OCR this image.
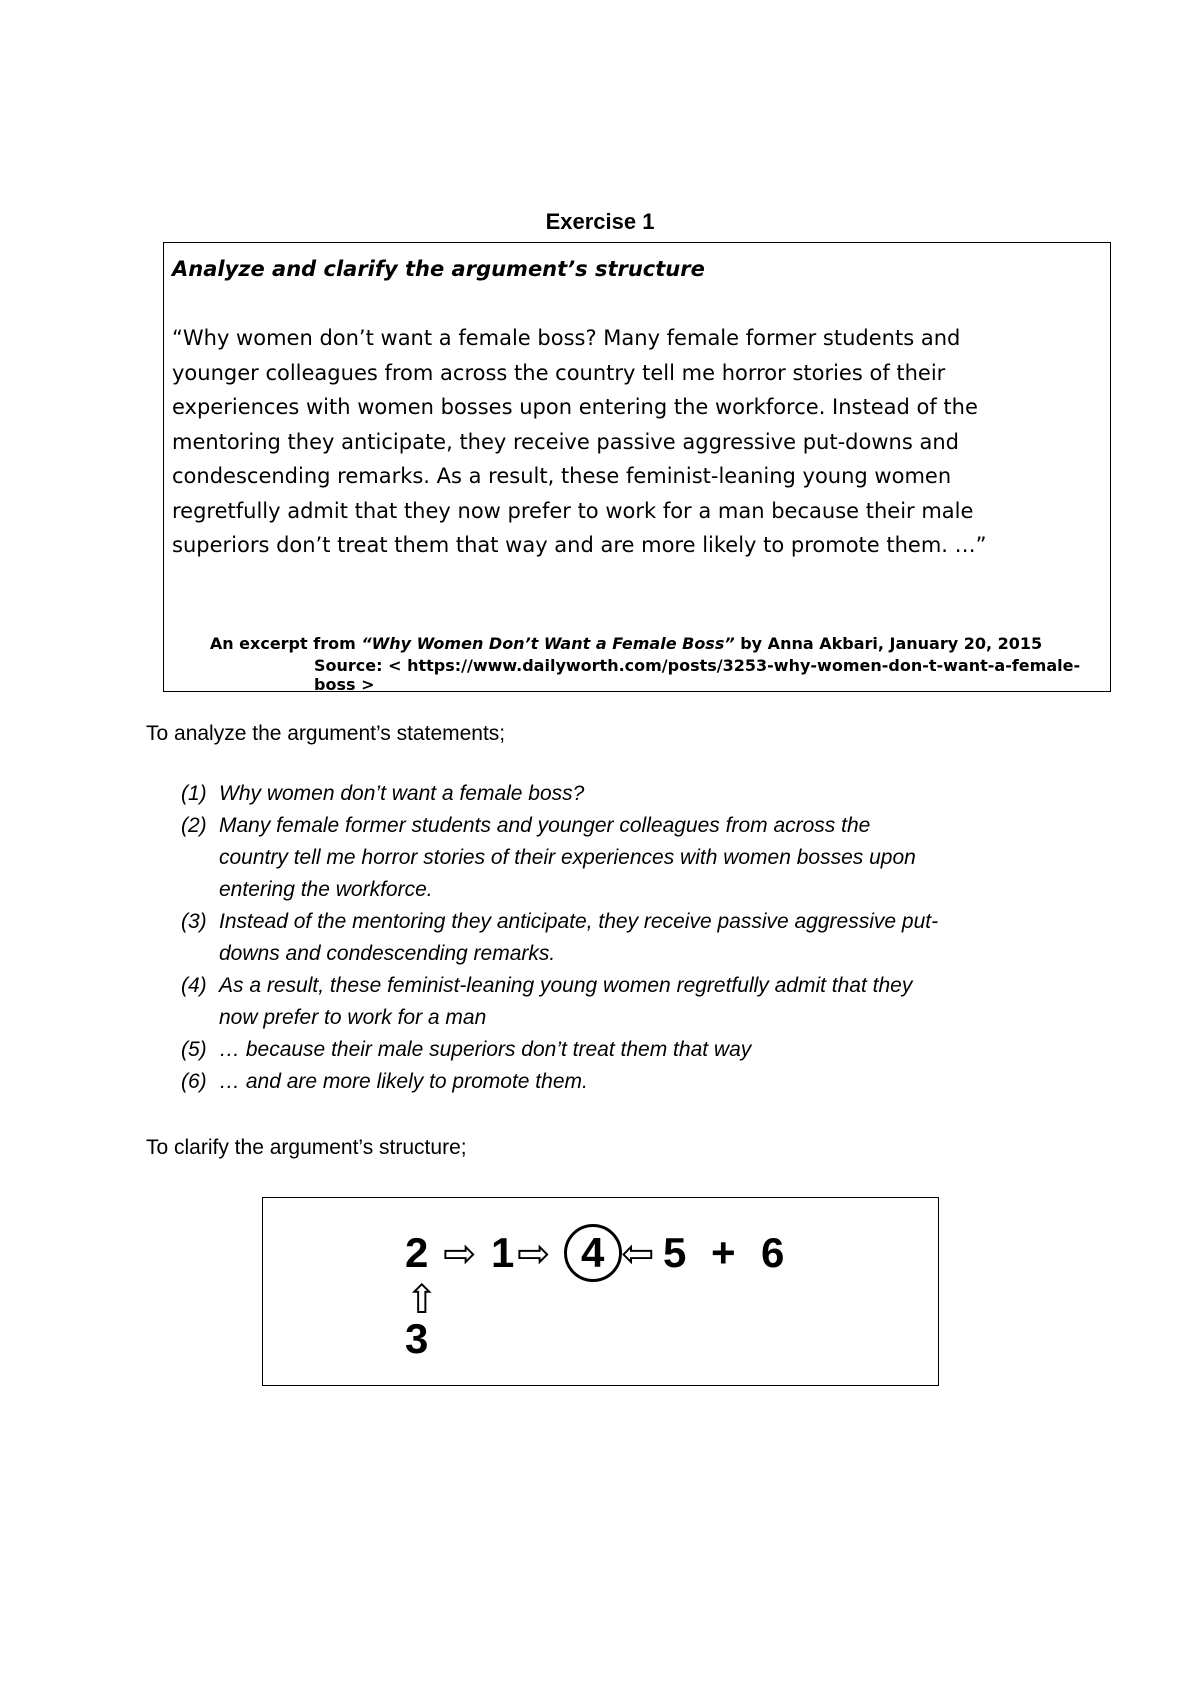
Exercise 1
Analyze and clarify the argument’s structure
“Why women don’t want a female boss? Many female former students and
younger colleagues from across the country tell me horror stories of their
experiences with women bosses upon entering the workforce. Instead of the
mentoring they anticipate, they receive passive aggressive put-downs and
condescending remarks. As a result, these feminist-leaning young women
regretfully admit that they now prefer to work for a man because their male
superiors don’t treat them that way and are more likely to promote them. …”
An excerpt from “Why Women Don’t Want a Female Boss” by Anna Akbari, January 20, 2015
Source: < https://www.dailyworth.com/posts/3253-why-women-don-t-want-a-female-boss >
To analyze the argument’s statements;
(1) Why women don’t want a female boss?
(2) Many female former students and younger colleagues from across the
country tell me horror stories of their experiences with women bosses upon
entering the workforce.
(3) Instead of the mentoring they anticipate, they receive passive aggressive put-
downs and condescending remarks.
(4) As a result, these feminist-leaning young women regretfully admit that they
now prefer to work for a man
(5) … because their male superiors don’t treat them that way
(6) … and are more likely to promote them.
To clarify the argument’s structure;
2 ⇨ 1 ⇨ 4 ⇦ 5 + 6
⇧
3
